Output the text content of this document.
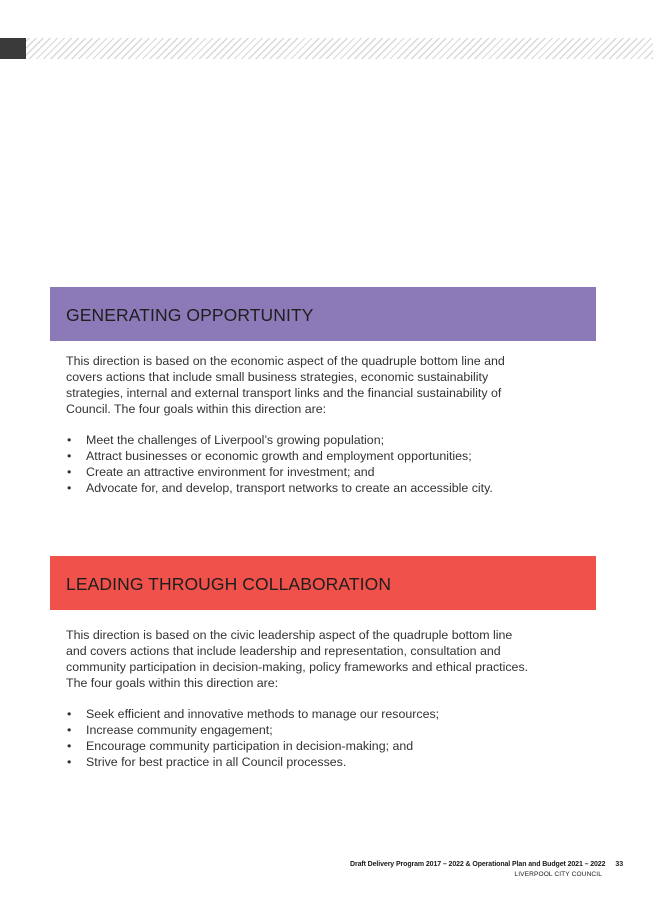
GENERATING OPPORTUNITY

This direction is based on the economic aspect of the quadruple bottom line and covers actions that include small business strategies, economic sustainability strategies, internal and external transport links and the financial sustainability of Council. The four goals within this direction are:

• Meet the challenges of Liverpool’s growing population;
• Attract businesses or economic growth and employment opportunities;
• Create an attractive environment for investment; and
• Advocate for, and develop, transport networks to create an accessible city.
LEADING THROUGH COLLABORATION

This direction is based on the civic leadership aspect of the quadruple bottom line and covers actions that include leadership and representation, consultation and community participation in decision-making, policy frameworks and ethical practices. The four goals within this direction are:

• Seek efficient and innovative methods to manage our resources;
• Increase community engagement;
• Encourage community participation in decision-making; and
• Strive for best practice in all Council processes.
Draft Delivery Program 2017 – 2022 & Operational Plan and Budget 2021 – 2022 33
LIVERPOOL CITY COUNCIL
